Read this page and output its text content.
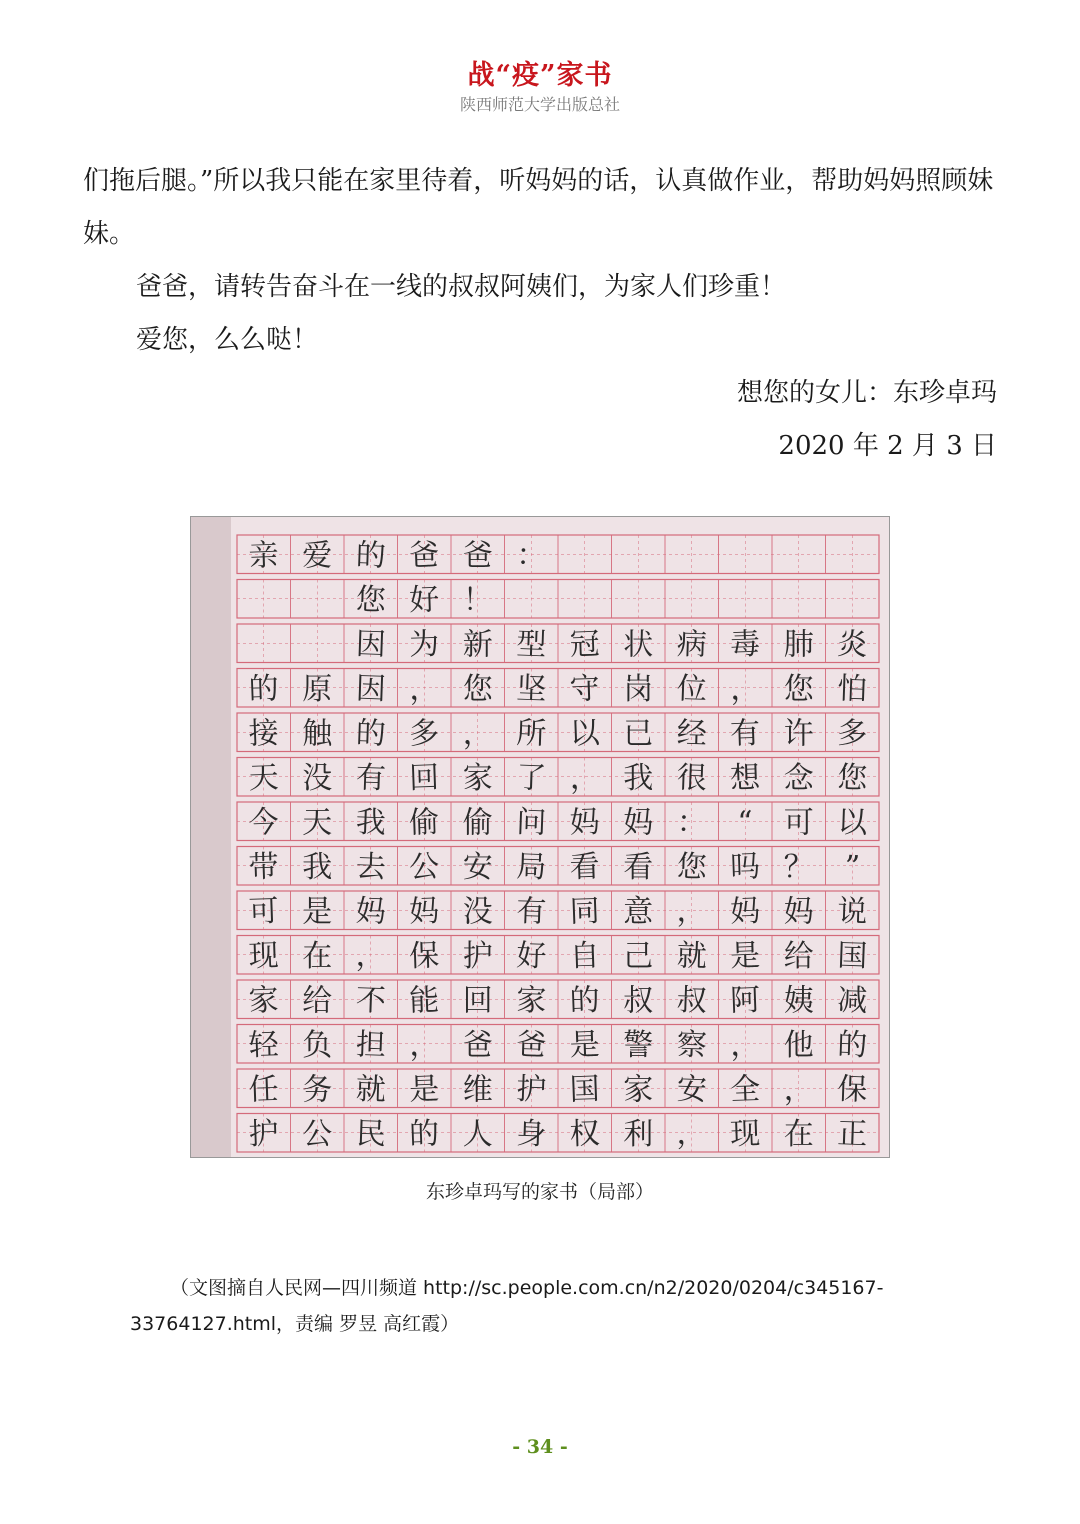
战“疫”家书
陕西师范大学出版总社

们拖后腿。”所以我只能在家里待着，听妈妈的话，认真做作业，帮助妈妈照顾妹妹。

爸爸，请转告奋斗在一线的叔叔阿姨们，为家人们珍重！

爱您，么么哒！

想您的女儿：东珍卓玛

2020 年 2 月 3 日

亲 爱 的 爸 爸 ：
您 好 ！
因 为 新 型 冠 状 病 毒 肺 炎
的 原 因 ， 您 坚 守 岗 位 ， 您 怕
接 触 的 多 ， 所 以 已 经 有 许 多
天 没 有 回 家 了 ， 我 很 想 念 您
今 天 我 偷 偷 问 妈 妈 ： “ 可 以
带 我 去 公 安 局 看 看 您 吗 ？ ”
可 是 妈 妈 没 有 同 意 ， 妈 妈 说
现 在 ， 保 护 好 自 己 就 是 给 国
家 给 不 能 回 家 的 叔 叔 阿 姨 减
轻 负 担 ， 爸 爸 是 警 察 ， 他 的
任 务 就 是 维 护 国 家 安 全 ， 保
护 公 民 的 人 身 权 利 ， 现 在 正
东珍卓玛写的家书（局部）
（文图摘自人民网—四川频道 http://sc.people.com.cn/n2/2020/0204/c345167-33764127.html，责编 罗昱 高红霞）
- 34 -
